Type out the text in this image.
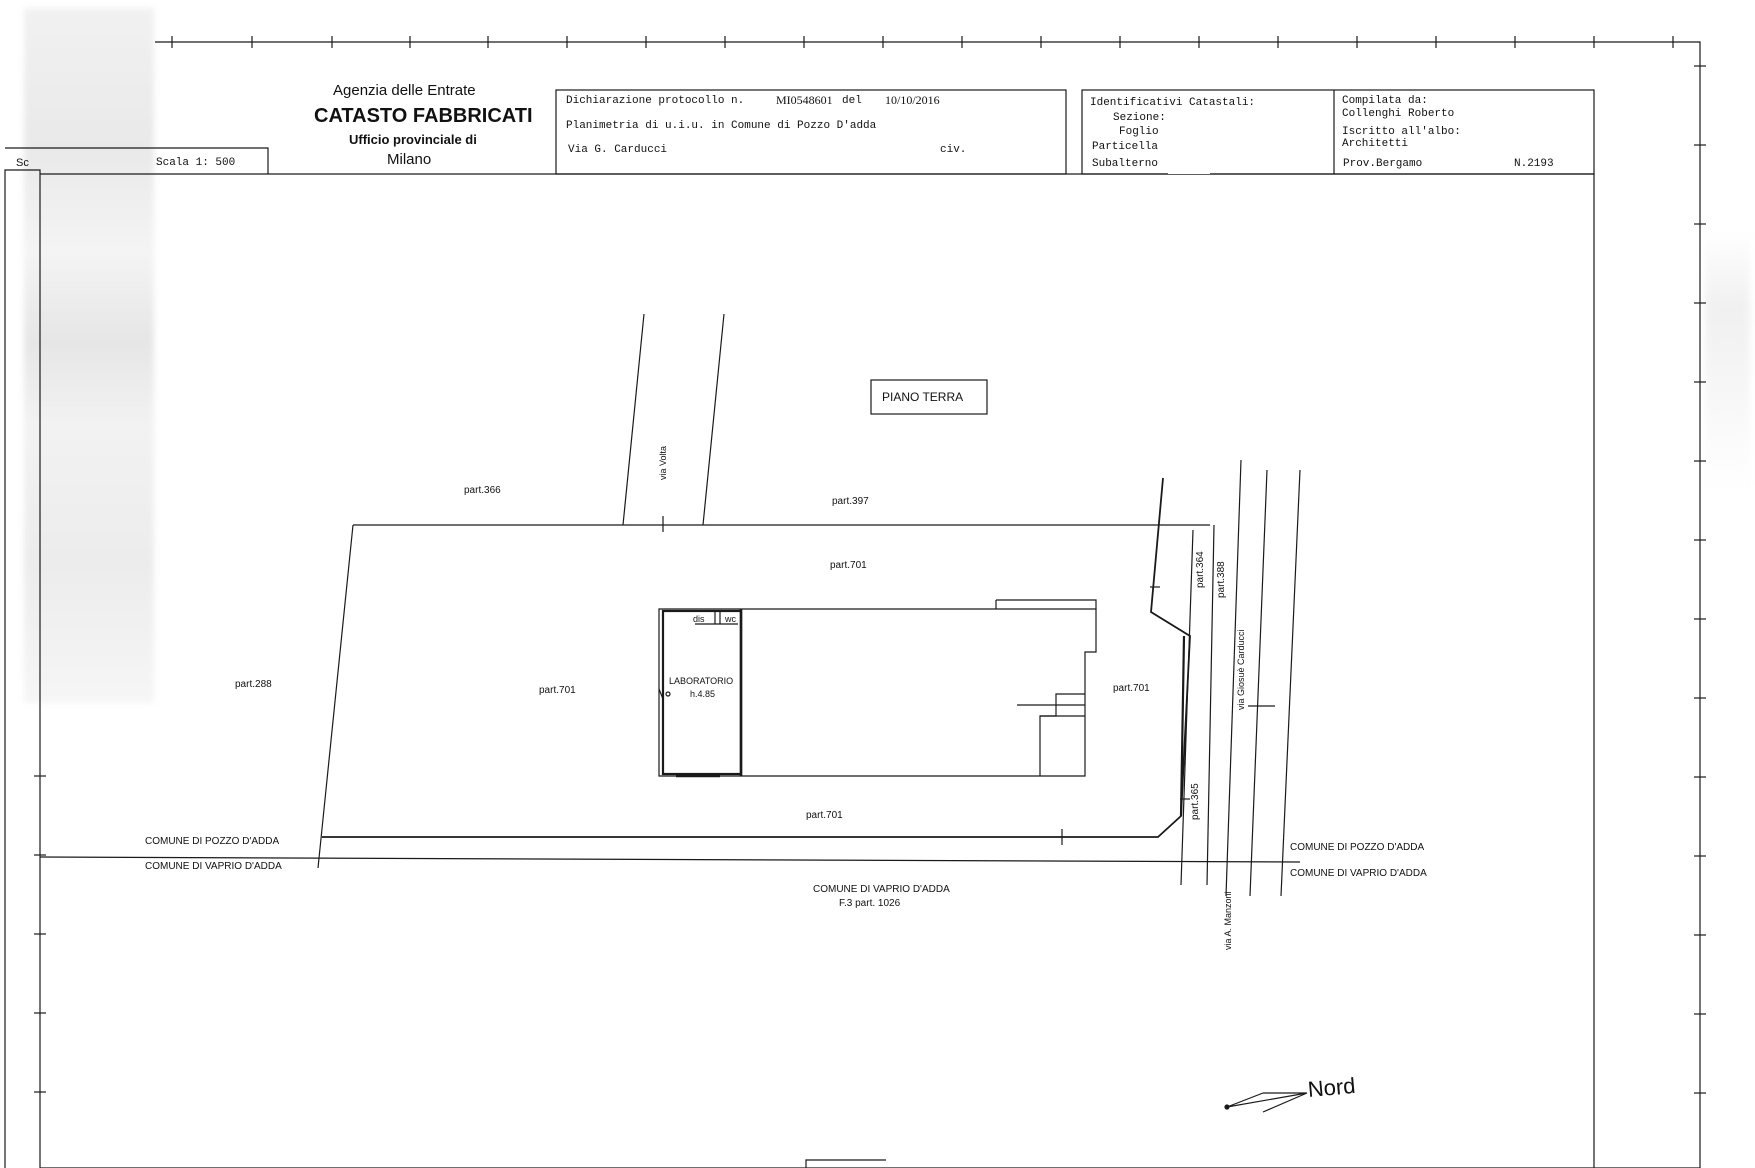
Sc	Scala 1: 500
Agenzia delle Entrate
CATASTO FABBRICATI
Ufficio provinciale di
Milano
Dichiarazione protocollo n.	MI0548601 del 10/10/2016
Planimetria di u.i.u. in Comune di Pozzo D'adda
Via G. Carducci	civ.
Identificativi Catastali:
Sezione:
Foglio
Particella
Subalterno
Compilata da:
Collenghi Roberto
Iscritto all'albo:
Architetti
Prov.Bergamo	N.2193
PIANO TERRA
part.366
part.397
part.701
part.701	part.701
part.701
part.288
part.364 part.388
part.365
via Volta
via Giosuè Carducci
via A. Manzoni
LABORATORIO
h.4.85
dis wc
COMUNE DI POZZO D'ADDA
COMUNE DI VAPRIO D'ADDA
COMUNE DI POZZO D'ADDA
COMUNE DI VAPRIO D'ADDA
COMUNE DI VAPRIO D'ADDA
F.3 part. 1026
Nord
